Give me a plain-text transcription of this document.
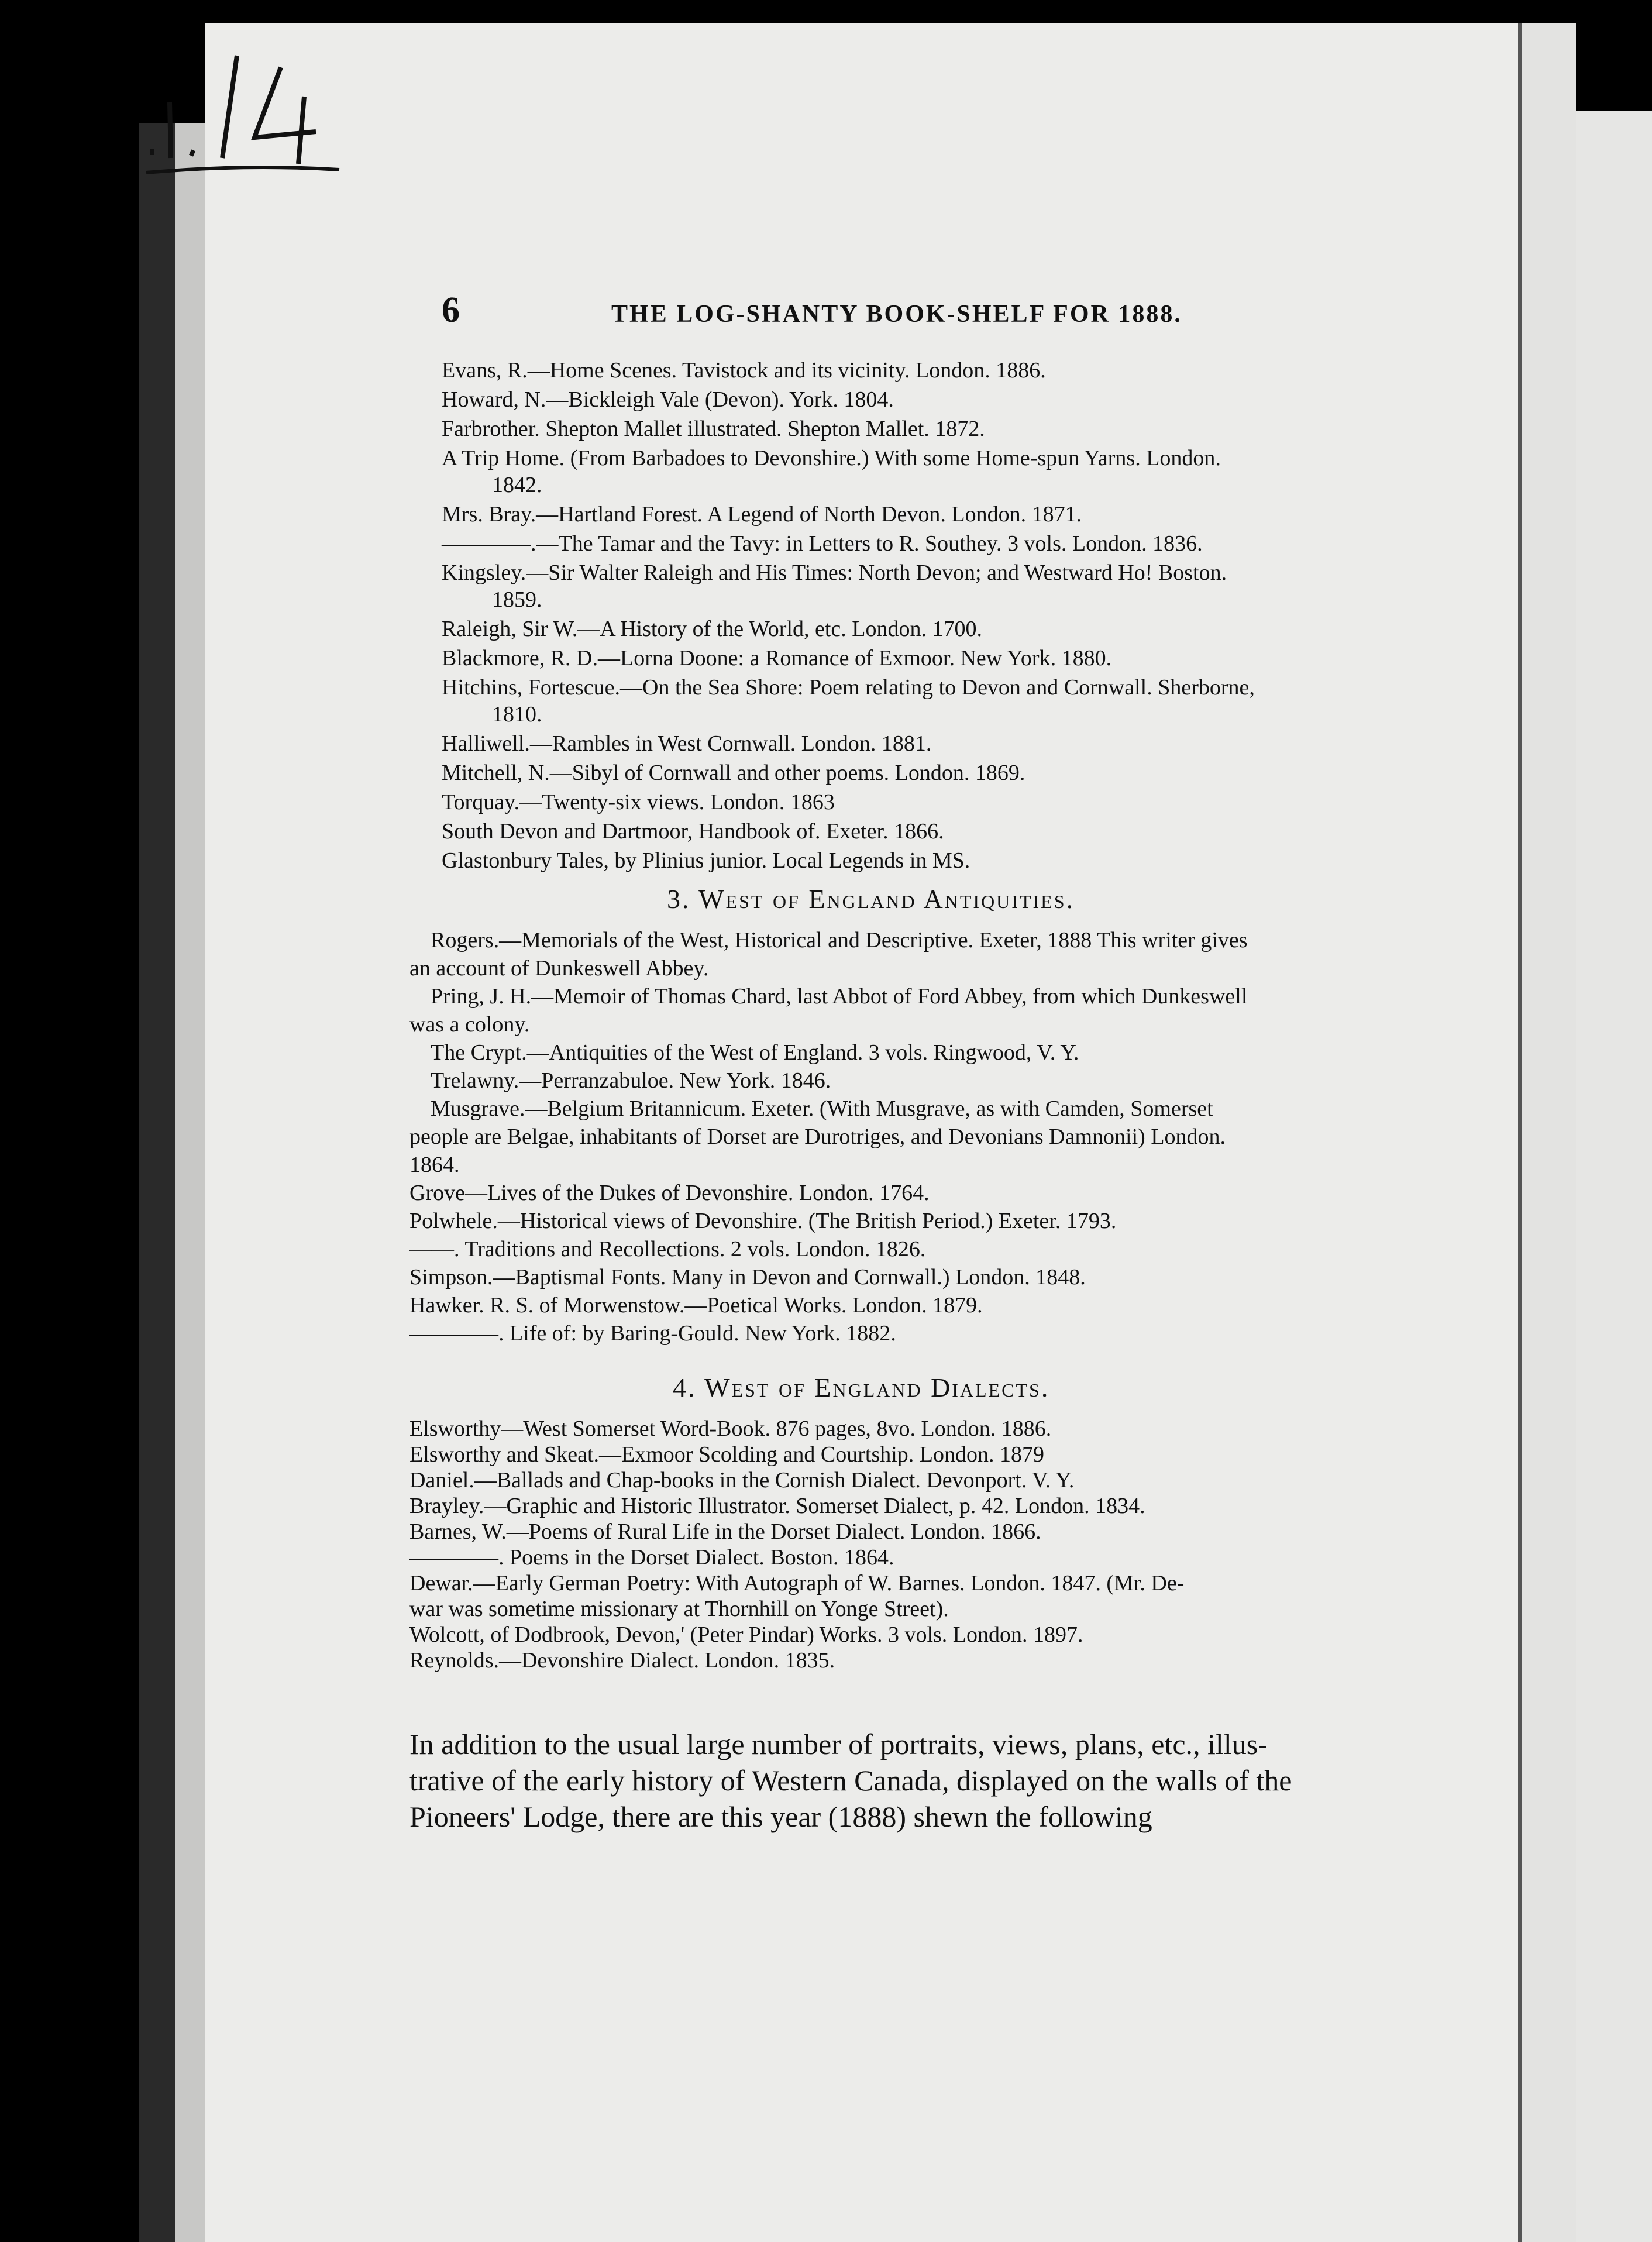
6	THE LOG-SHANTY BOOK-SHELF FOR 1888.
Evans, R.—Home Scenes. Tavistock and its vicinity. London. 1886.
Howard, N.—Bickleigh Vale (Devon). York. 1804.
Farbrother. Shepton Mallet illustrated. Shepton Mallet. 1872.
A Trip Home. (From Barbadoes to Devonshire.) With some Home-spun Yarns. London.
1842.
Mrs. Bray.—Hartland Forest. A Legend of North Devon. London. 1871.
————.—The Tamar and the Tavy: in Letters to R. Southey. 3 vols. London. 1836.
Kingsley.—Sir Walter Raleigh and His Times: North Devon; and Westward Ho! Boston.
1859.
Raleigh, Sir W.—A History of the World, etc. London. 1700.
Blackmore, R. D.—Lorna Doone: a Romance of Exmoor. New York. 1880.
Hitchins, Fortescue.—On the Sea Shore: Poem relating to Devon and Cornwall. Sherborne,
1810.
Halliwell.—Rambles in West Cornwall. London. 1881.
Mitchell, N.—Sibyl of Cornwall and other poems. London. 1869.
Torquay.—Twenty-six views. London. 1863
South Devon and Dartmoor, Handbook of. Exeter. 1866.
Glastonbury Tales, by Plinius junior. Local Legends in MS.
3. West of England Antiquities.
Rogers.—Memorials of the West, Historical and Descriptive. Exeter, 1888 This writer gives
an account of Dunkeswell Abbey.
Pring, J. H.—Memoir of Thomas Chard, last Abbot of Ford Abbey, from which Dunkeswell
was a colony.
The Crypt.—Antiquities of the West of England. 3 vols. Ringwood, V. Y.
Trelawny.—Perranzabuloe. New York. 1846.
Musgrave.—Belgium Britannicum. Exeter. (With Musgrave, as with Camden, Somerset
people are Belgae, inhabitants of Dorset are Durotriges, and Devonians Damnonii) London.
1864.
Grove—Lives of the Dukes of Devonshire. London. 1764.
Polwhele.—Historical views of Devonshire. (The British Period.) Exeter. 1793.
——. Traditions and Recollections. 2 vols. London. 1826.
Simpson.—Baptismal Fonts. Many in Devon and Cornwall.) London. 1848.
Hawker. R. S. of Morwenstow.—Poetical Works. London. 1879.
————. Life of: by Baring-Gould. New York. 1882.
4. West of England Dialects.
Elsworthy—West Somerset Word-Book. 876 pages, 8vo. London. 1886.
Elsworthy and Skeat.—Exmoor Scolding and Courtship. London. 1879
Daniel.—Ballads and Chap-books in the Cornish Dialect. Devonport. V. Y.
Brayley.—Graphic and Historic Illustrator. Somerset Dialect, p. 42. London. 1834.
Barnes, W.—Poems of Rural Life in the Dorset Dialect. London. 1866.
————. Poems in the Dorset Dialect. Boston. 1864.
Dewar.—Early German Poetry: With Autograph of W. Barnes. London. 1847. (Mr. De-
war was sometime missionary at Thornhill on Yonge Street).
Wolcott, of Dodbrook, Devon,' (Peter Pindar) Works. 3 vols. London. 1897.
Reynolds.—Devonshire Dialect. London. 1835.

In addition to the usual large number of portraits, views, plans, etc., illus-

trative of the early history of Western Canada, displayed on the walls of the

Pioneers' Lodge, there are this year (1888) shewn the following
